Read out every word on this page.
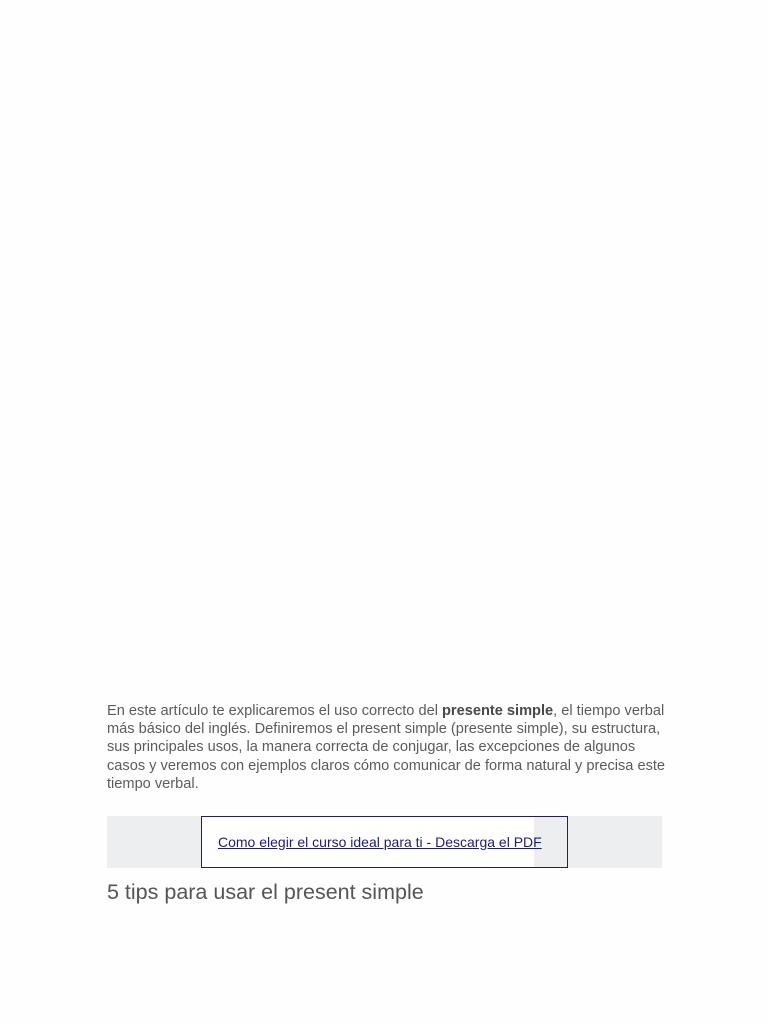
En este artículo te explicaremos el uso correcto del presente simple, el tiempo verbal más básico del inglés. Definiremos el present simple (presente simple), su estructura, sus principales usos, la manera correcta de conjugar, las excepciones de algunos casos y veremos con ejemplos claros cómo comunicar de forma natural y precisa este tiempo verbal.

Como elegir el curso ideal para ti - Descarga el PDF
5 tips para usar el present simple
